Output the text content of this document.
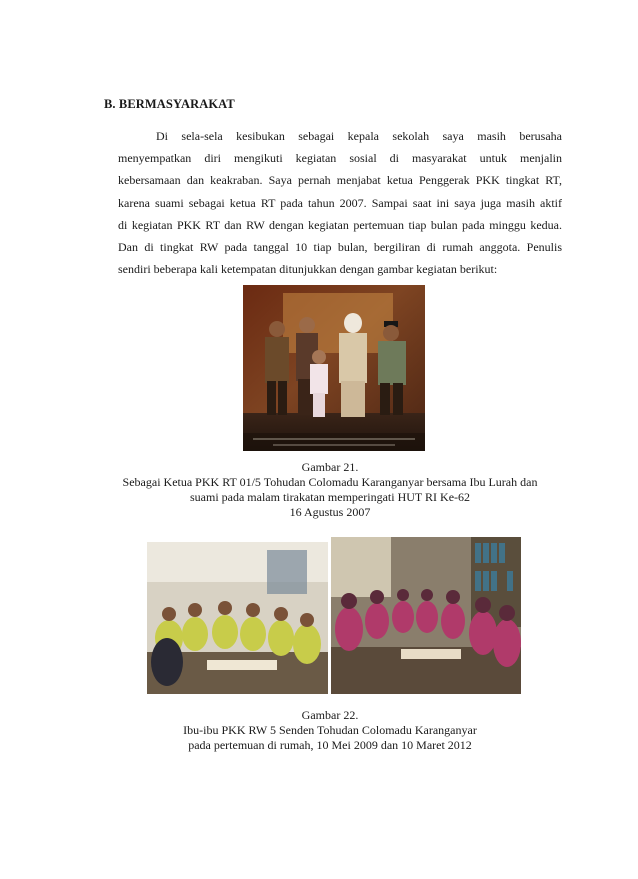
B. BERMASYARAKAT

Di sela-sela kesibukan sebagai kepala sekolah saya masih berusaha
menyempatkan diri mengikuti kegiatan sosial di masyarakat untuk menjalin
kebersamaan dan keakraban. Saya pernah menjabat ketua Penggerak PKK tingkat RT,
karena suami sebagai ketua RT pada tahun 2007. Sampai saat ini saya juga masih aktif
di kegiatan PKK RT dan RW dengan kegiatan pertemuan tiap bulan pada minggu kedua.
Dan di tingkat RW pada tanggal 10 tiap bulan, bergiliran di rumah anggota. Penulis
sendiri beberapa kali ketempatan ditunjukkan dengan gambar kegiatan berikut:

Gambar 21.
Sebagai Ketua PKK RT 01/5 Tohudan Colomadu Karanganyar bersama Ibu Lurah dan
suami pada malam tirakatan memperingati HUT RI Ke-62
16 Agustus 2007
Gambar 22.
Ibu-ibu PKK RW 5 Senden Tohudan Colomadu Karanganyar
pada pertemuan di rumah, 10 Mei 2009 dan 10 Maret 2012
